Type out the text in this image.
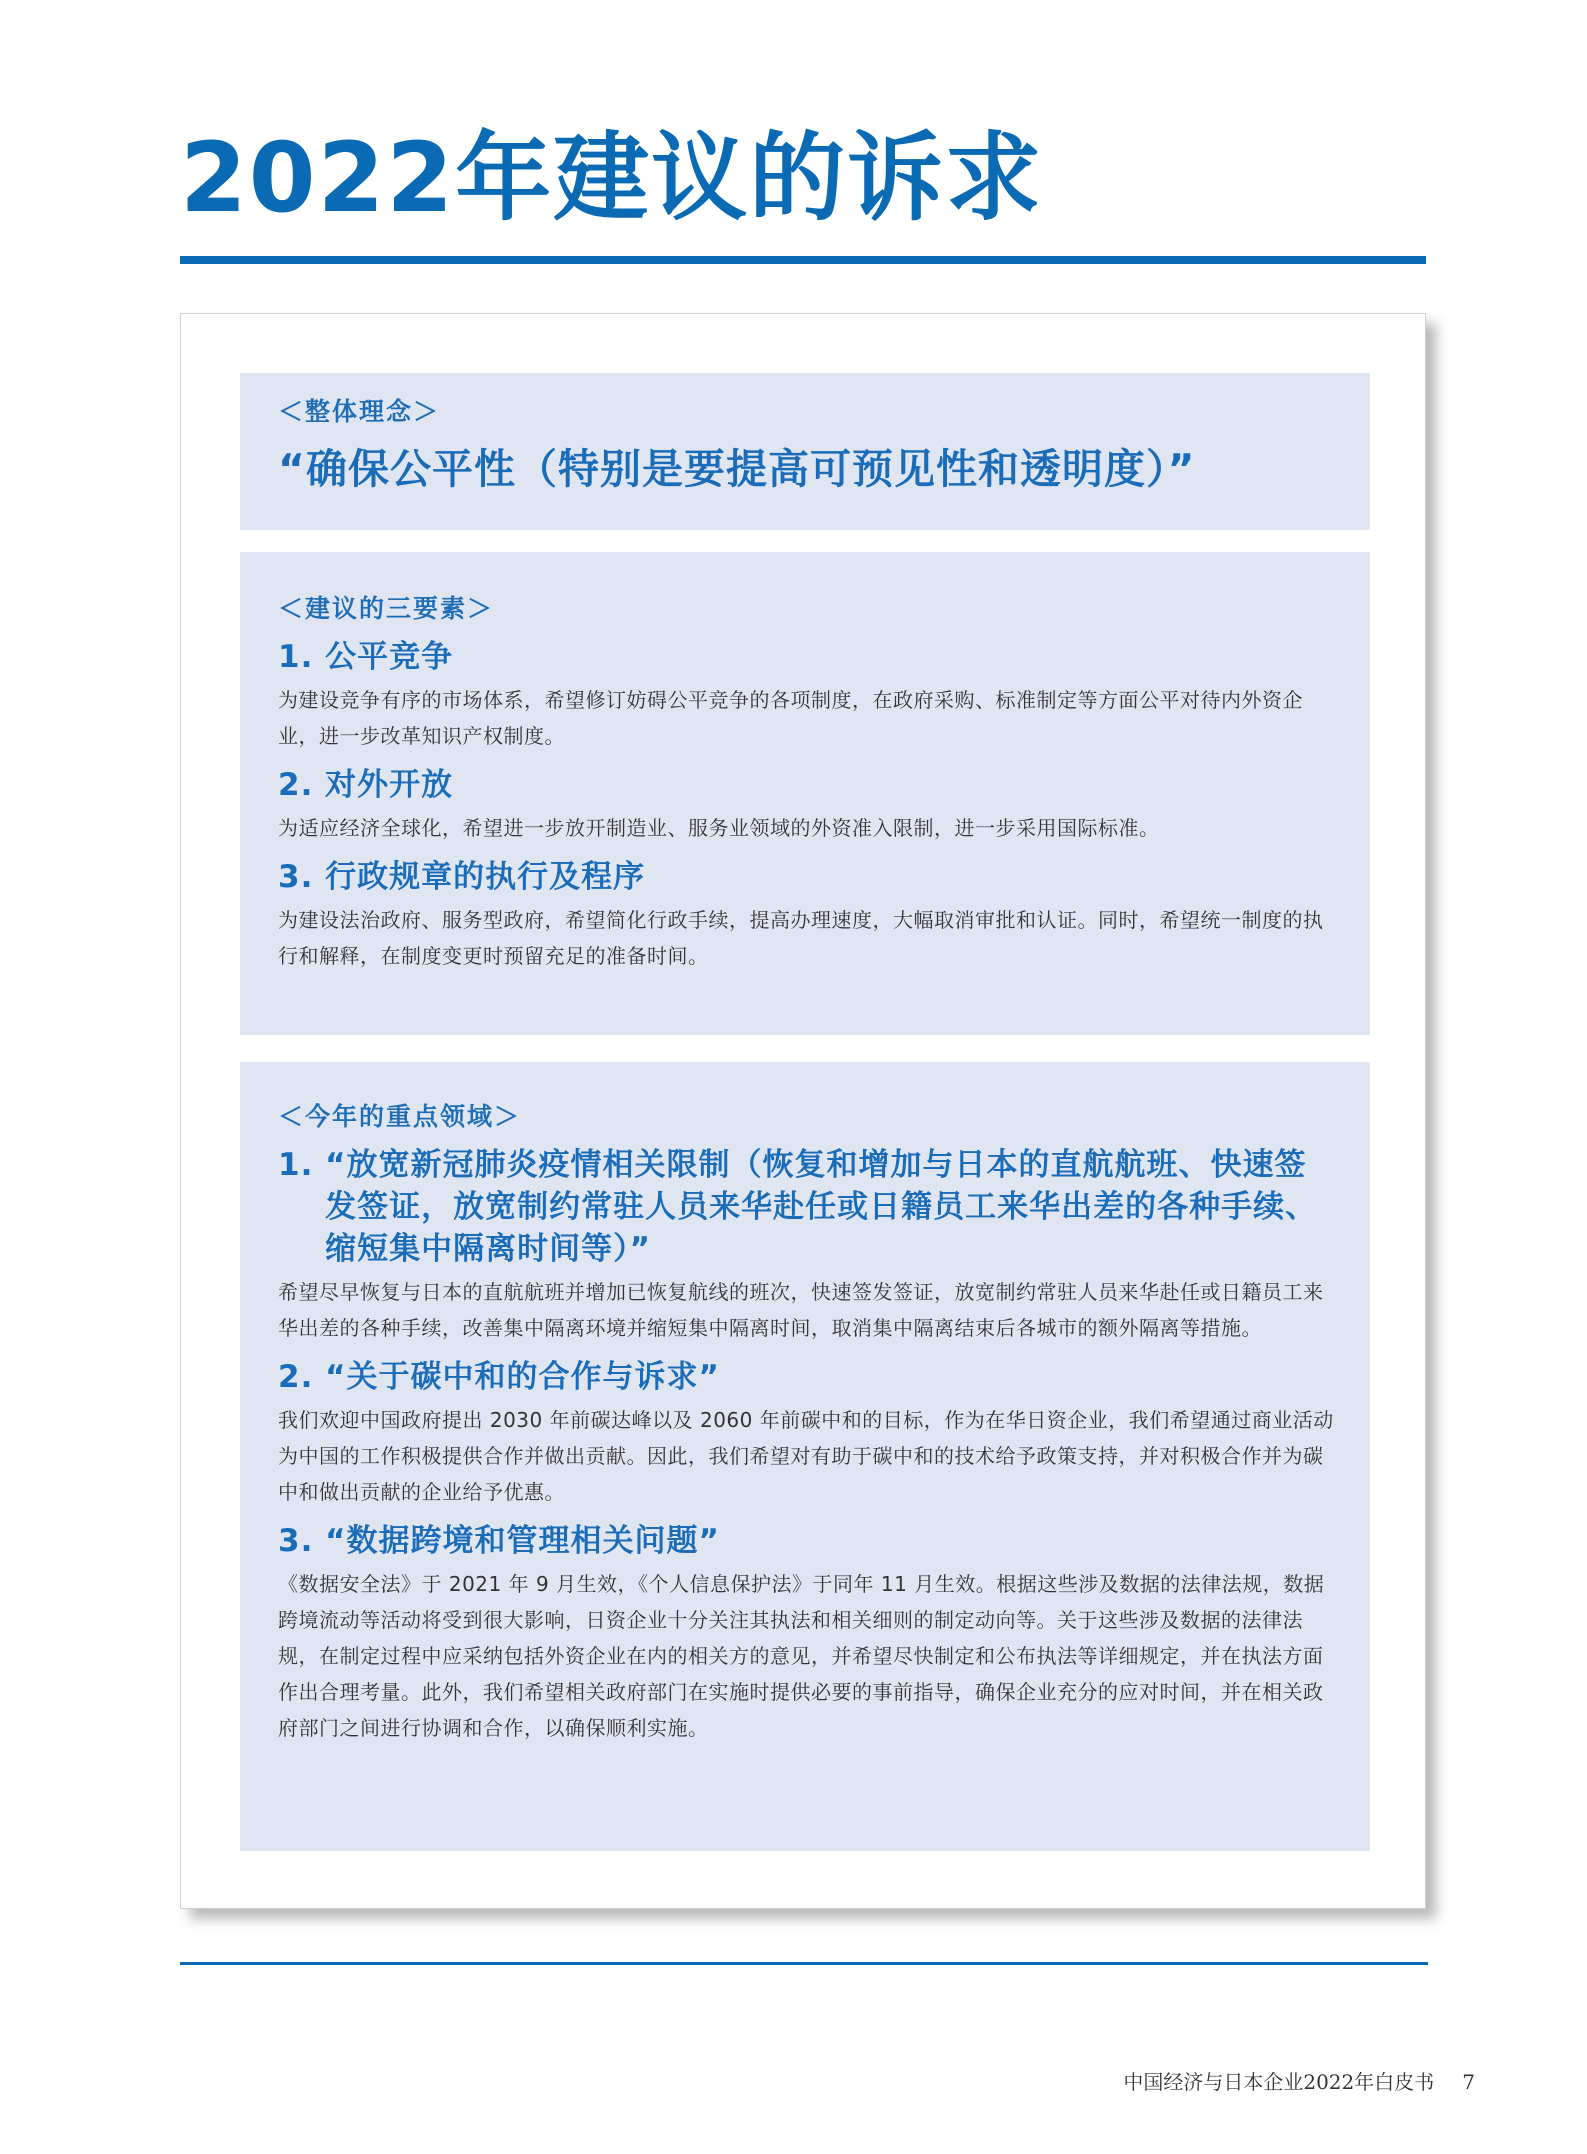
2022年建议的诉求
＜整体理念＞
“确保公平性（特别是要提高可预见性和透明度）”
＜建议的三要素＞
1. 公平竞争
为建设竞争有序的市场体系，希望修订妨碍公平竞争的各项制度，在政府采购、标准制定等方面公平对待内外资企业，进一步改革知识产权制度。
2. 对外开放
为适应经济全球化，希望进一步放开制造业、服务业领域的外资准入限制，进一步采用国际标准。
3. 行政规章的执行及程序
为建设法治政府、服务型政府，希望简化行政手续，提高办理速度，大幅取消审批和认证。同时，希望统一制度的执行和解释，在制度变更时预留充足的准备时间。
＜今年的重点领域＞
1. “放宽新冠肺炎疫情相关限制（恢复和增加与日本的直航航班、快速签发签证，放宽制约常驻人员来华赴任或日籍员工来华出差的各种手续、缩短集中隔离时间等）”
希望尽早恢复与日本的直航航班并增加已恢复航线的班次，快速签发签证，放宽制约常驻人员来华赴任或日籍员工来华出差的各种手续，改善集中隔离环境并缩短集中隔离时间，取消集中隔离结束后各城市的额外隔离等措施。
2. “关于碳中和的合作与诉求”
我们欢迎中国政府提出 2030 年前碳达峰以及 2060 年前碳中和的目标，作为在华日资企业，我们希望通过商业活动为中国的工作积极提供合作并做出贡献。因此，我们希望对有助于碳中和的技术给予政策支持，并对积极合作并为碳中和做出贡献的企业给予优惠。
3. “数据跨境和管理相关问题”
《数据安全法》于 2021 年 9 月生效，《个人信息保护法》于同年 11 月生效。根据这些涉及数据的法律法规，数据跨境流动等活动将受到很大影响，日资企业十分关注其执法和相关细则的制定动向等。关于这些涉及数据的法律法规，在制定过程中应采纳包括外资企业在内的相关方的意见，并希望尽快制定和公布执法等详细规定，并在执法方面作出合理考量。此外，我们希望相关政府部门在实施时提供必要的事前指导，确保企业充分的应对时间，并在相关政府部门之间进行协调和合作，以确保顺利实施。
中国经济与日本企业2022年白皮书 7
